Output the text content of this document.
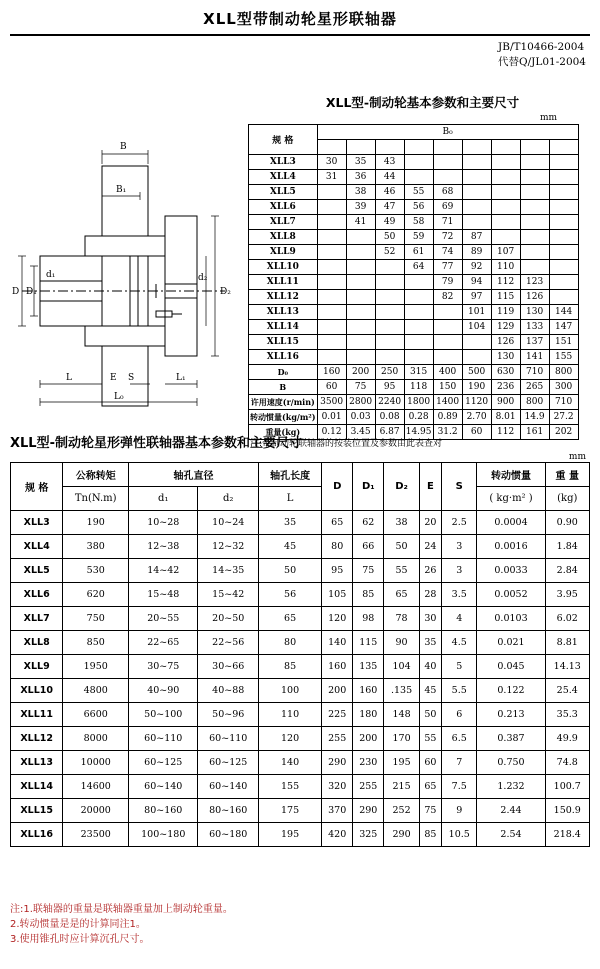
XLL型带制动轮星形联轴器
JB/T10466-2004
代替Q/JL01-2004
XLL型-制动轮基本参数和主要尺寸
mm
B
B₁
D D₁
d₁
D₂
d₂
L	S
E	L₁
L₀
规 格	B₀								

XLL3	30	35	43						
XLL4	31	36	44						
XLL5		38	46	55	68				
XLL6		39	47	56	69				
XLL7		41	49	58	71				
XLL8			50	59	72	87			
XLL9			52	61	74	89	107		
XLL10				64	77	92	110		
XLL11					79	94	112	123	
XLL12					82	97	115	126	
XLL13						101	119	130	144
XLL14						104	129	133	147
XLL15							126	137	151
XLL16							130	141	155
D₀	160	200	250	315	400	500	630	710	800
B	60	75	95	118	150	190	236	265	300
许用速度(r/min)	3500	2800	2240	1800	1400	1120	900	800	710
转动惯量(kg/m²)	0.01	0.03	0.08	0.28	0.89	2.70	8.01	14.9	27.2
重量(kg)	0.12	3.45	6.87	14.95	31.2	60	112	161	202
注:带制动轮联轴器的按装位置及参数由此表查对
XLL型-制动轮星形弹性联轴器基本参数和主要尺寸
mm
规 格	公称转矩	轴孔直径		轴孔长度	D	D₁	D₂	E	S	转动惯量	重 量
	Tn(N.m)	d₁	d₂	L						( kg·m² )	(kg)
XLL3	190	10~28	10~24	35	65	62	38	20	2.5	0.0004	0.90
XLL4	380	12~38	12~32	45	80	66	50	24	3	0.0016	1.84
XLL5	530	14~42	14~35	50	95	75	55	26	3	0.0033	2.84
XLL6	620	15~48	15~42	56	105	85	65	28	3.5	0.0052	3.95
XLL7	750	20~55	20~50	65	120	98	78	30	4	0.0103	6.02
XLL8	850	22~65	22~56	80	140	115	90	35	4.5	0.021	8.81
XLL9	1950	30~75	30~66	85	160	135	104	40	5	0.045	14.13
XLL10	4800	40~90	40~88	100	200	160	.135	45	5.5	0.122	25.4
XLL11	6600	50~100	50~96	110	225	180	148	50	6	0.213	35.3
XLL12	8000	60~110	60~110	120	255	200	170	55	6.5	0.387	49.9
XLL13	10000	60~125	60~125	140	290	230	195	60	7	0.750	74.8
XLL14	14600	60~140	60~140	155	320	255	215	65	7.5	1.232	100.7
XLL15	20000	80~160	80~160	175	370	290	252	75	9	2.44	150.9
XLL16	23500	100~180	60~180	195	420	325	290	85	10.5	2.54	218.4
注:1.联轴器的重量是联轴器重量加上制动轮重量。
2.转动惯量是是的计算同注1。
3.使用锥孔时应计算沉孔尺寸。
